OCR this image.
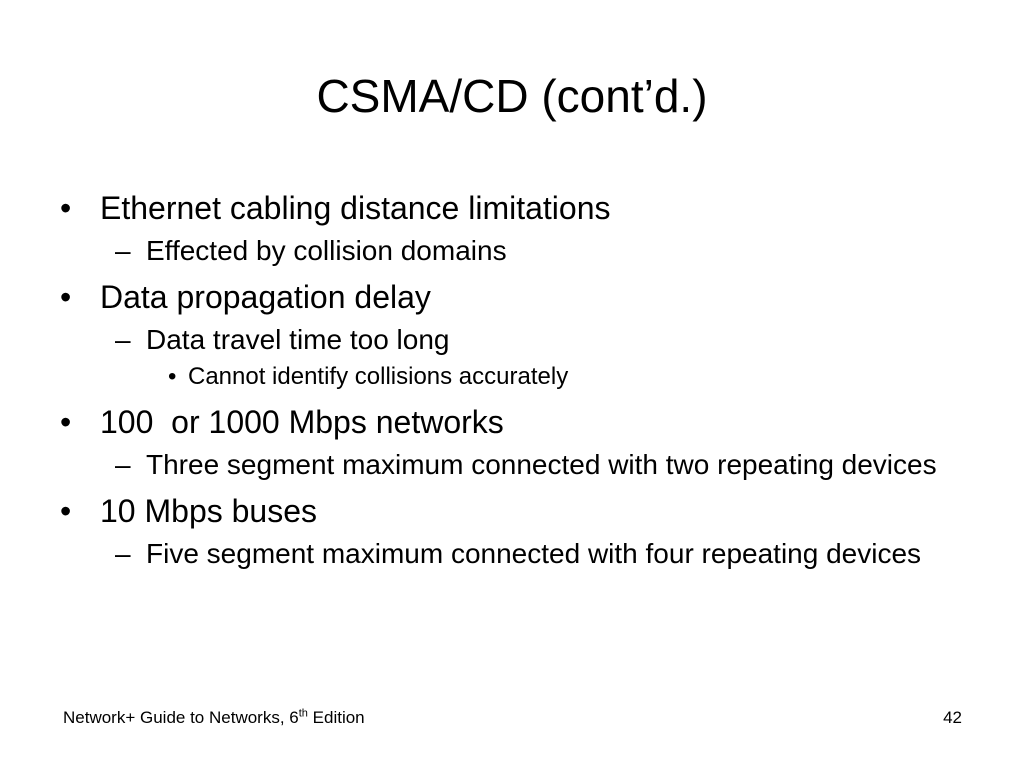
CSMA/CD (cont’d.)
• Ethernet cabling distance limitations
– Effected by collision domains
• Data propagation delay
– Data travel time too long
• Cannot identify collisions accurately
• 100  or 1000 Mbps networks
– Three segment maximum connected with two repeating devices
• 10 Mbps buses
– Five segment maximum connected with four repeating devices
Network+ Guide to Networks, 6th Edition	42
